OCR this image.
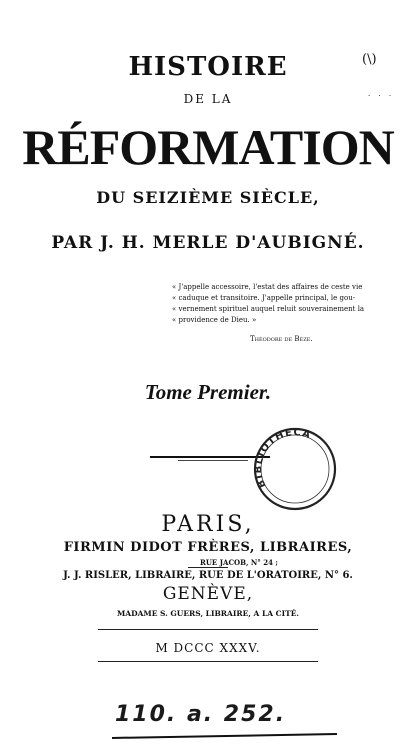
(\)
· · ·
HISTOIRE
DE LA
RÉFORMATION
DU SEIZIÈME SIÈCLE,
PAR J. H. MERLE D'AUBIGNÉ.
« J'appelle accessoire, l'estat des affaires de ceste vie
« caduque et transitoire. J'appelle principal, le gou-
« vernement spirituel auquel reluit souverainement la
« providence de Dieu. »
Théodore de Bèze.
Tome Premier.
BIBLIOTHECA
PARIS,
FIRMIN DIDOT FRÈRES, LIBRAIRES,
RUE JACOB, N° 24 ;
J. J. RISLER, LIBRAIRE, RUE DE L'ORATOIRE, N° 6.
GENÈVE,
MADAME S. GUERS, LIBRAIRE, A LA CITÉ.
M DCCC XXXV.
110. a. 252.
